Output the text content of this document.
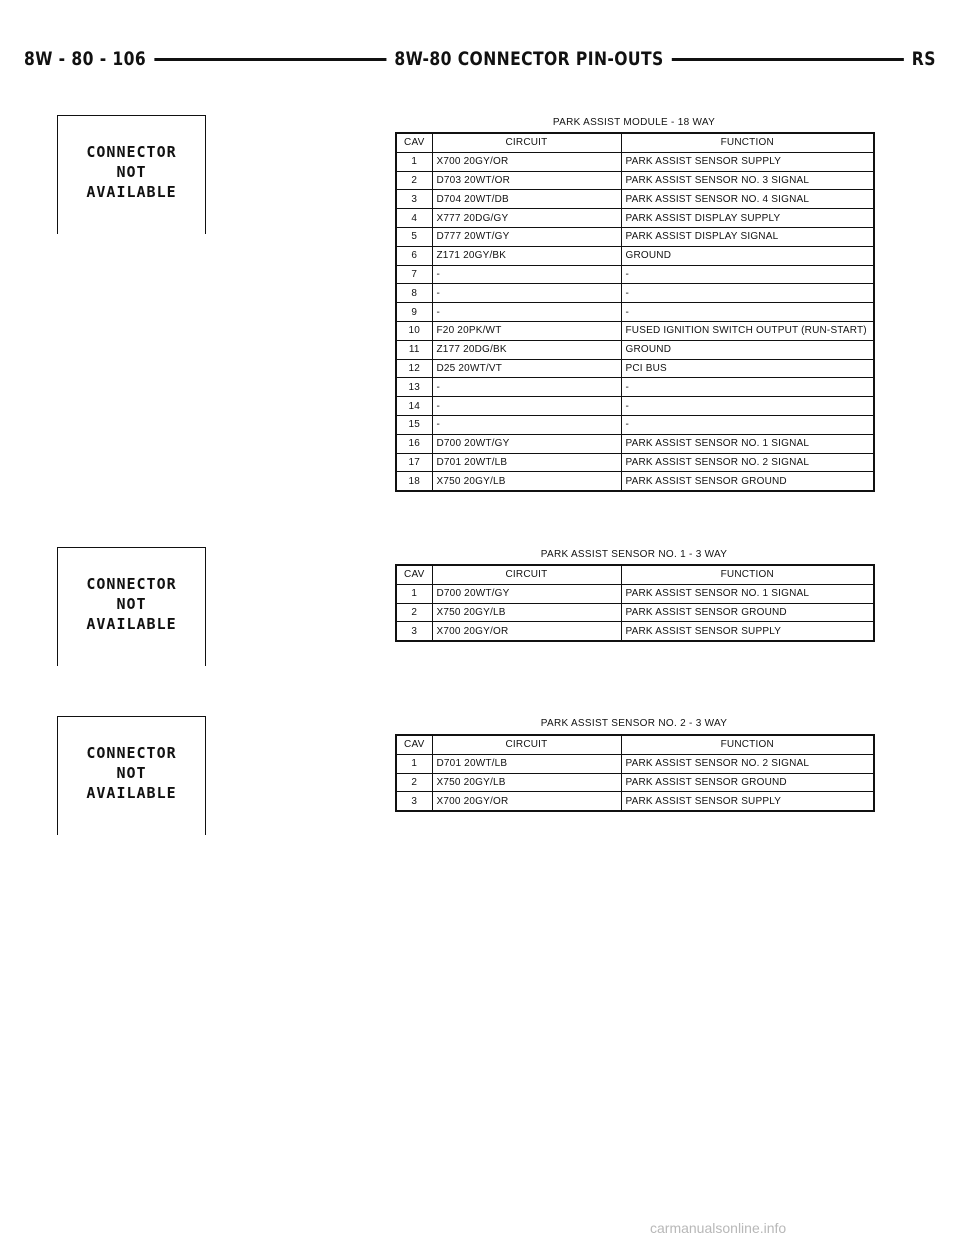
8W - 80 - 106	8W-80 CONNECTOR PIN-OUTS	RS
CONNECTOR
NOT
AVAILABLE
CONNECTOR
NOT
AVAILABLE
CONNECTOR
NOT
AVAILABLE
PARK ASSIST MODULE - 18 WAY
CAV	CIRCUIT	FUNCTION
1	X700 20GY/OR	PARK ASSIST SENSOR SUPPLY
2	D703 20WT/OR	PARK ASSIST SENSOR NO. 3 SIGNAL
3	D704 20WT/DB	PARK ASSIST SENSOR NO. 4 SIGNAL
4	X777 20DG/GY	PARK ASSIST DISPLAY SUPPLY
5	D777 20WT/GY	PARK ASSIST DISPLAY SIGNAL
6	Z171 20GY/BK	GROUND
7	-	-
8	-	-
9	-	-
10	F20 20PK/WT	FUSED IGNITION SWITCH OUTPUT (RUN-START)
11	Z177 20DG/BK	GROUND
12	D25 20WT/VT	PCI BUS
13	-	-
14	-	-
15	-	-
16	D700 20WT/GY	PARK ASSIST SENSOR NO. 1 SIGNAL
17	D701 20WT/LB	PARK ASSIST SENSOR NO. 2 SIGNAL
18	X750 20GY/LB	PARK ASSIST SENSOR GROUND
PARK ASSIST SENSOR NO. 1 - 3 WAY
CAV	CIRCUIT	FUNCTION
1	D700 20WT/GY	PARK ASSIST SENSOR NO. 1 SIGNAL
2	X750 20GY/LB	PARK ASSIST SENSOR GROUND
3	X700 20GY/OR	PARK ASSIST SENSOR SUPPLY
PARK ASSIST SENSOR NO. 2 - 3 WAY
CAV	CIRCUIT	FUNCTION
1	D701 20WT/LB	PARK ASSIST SENSOR NO. 2 SIGNAL
2	X750 20GY/LB	PARK ASSIST SENSOR GROUND
3	X700 20GY/OR	PARK ASSIST SENSOR SUPPLY
carmanualsonline.info
